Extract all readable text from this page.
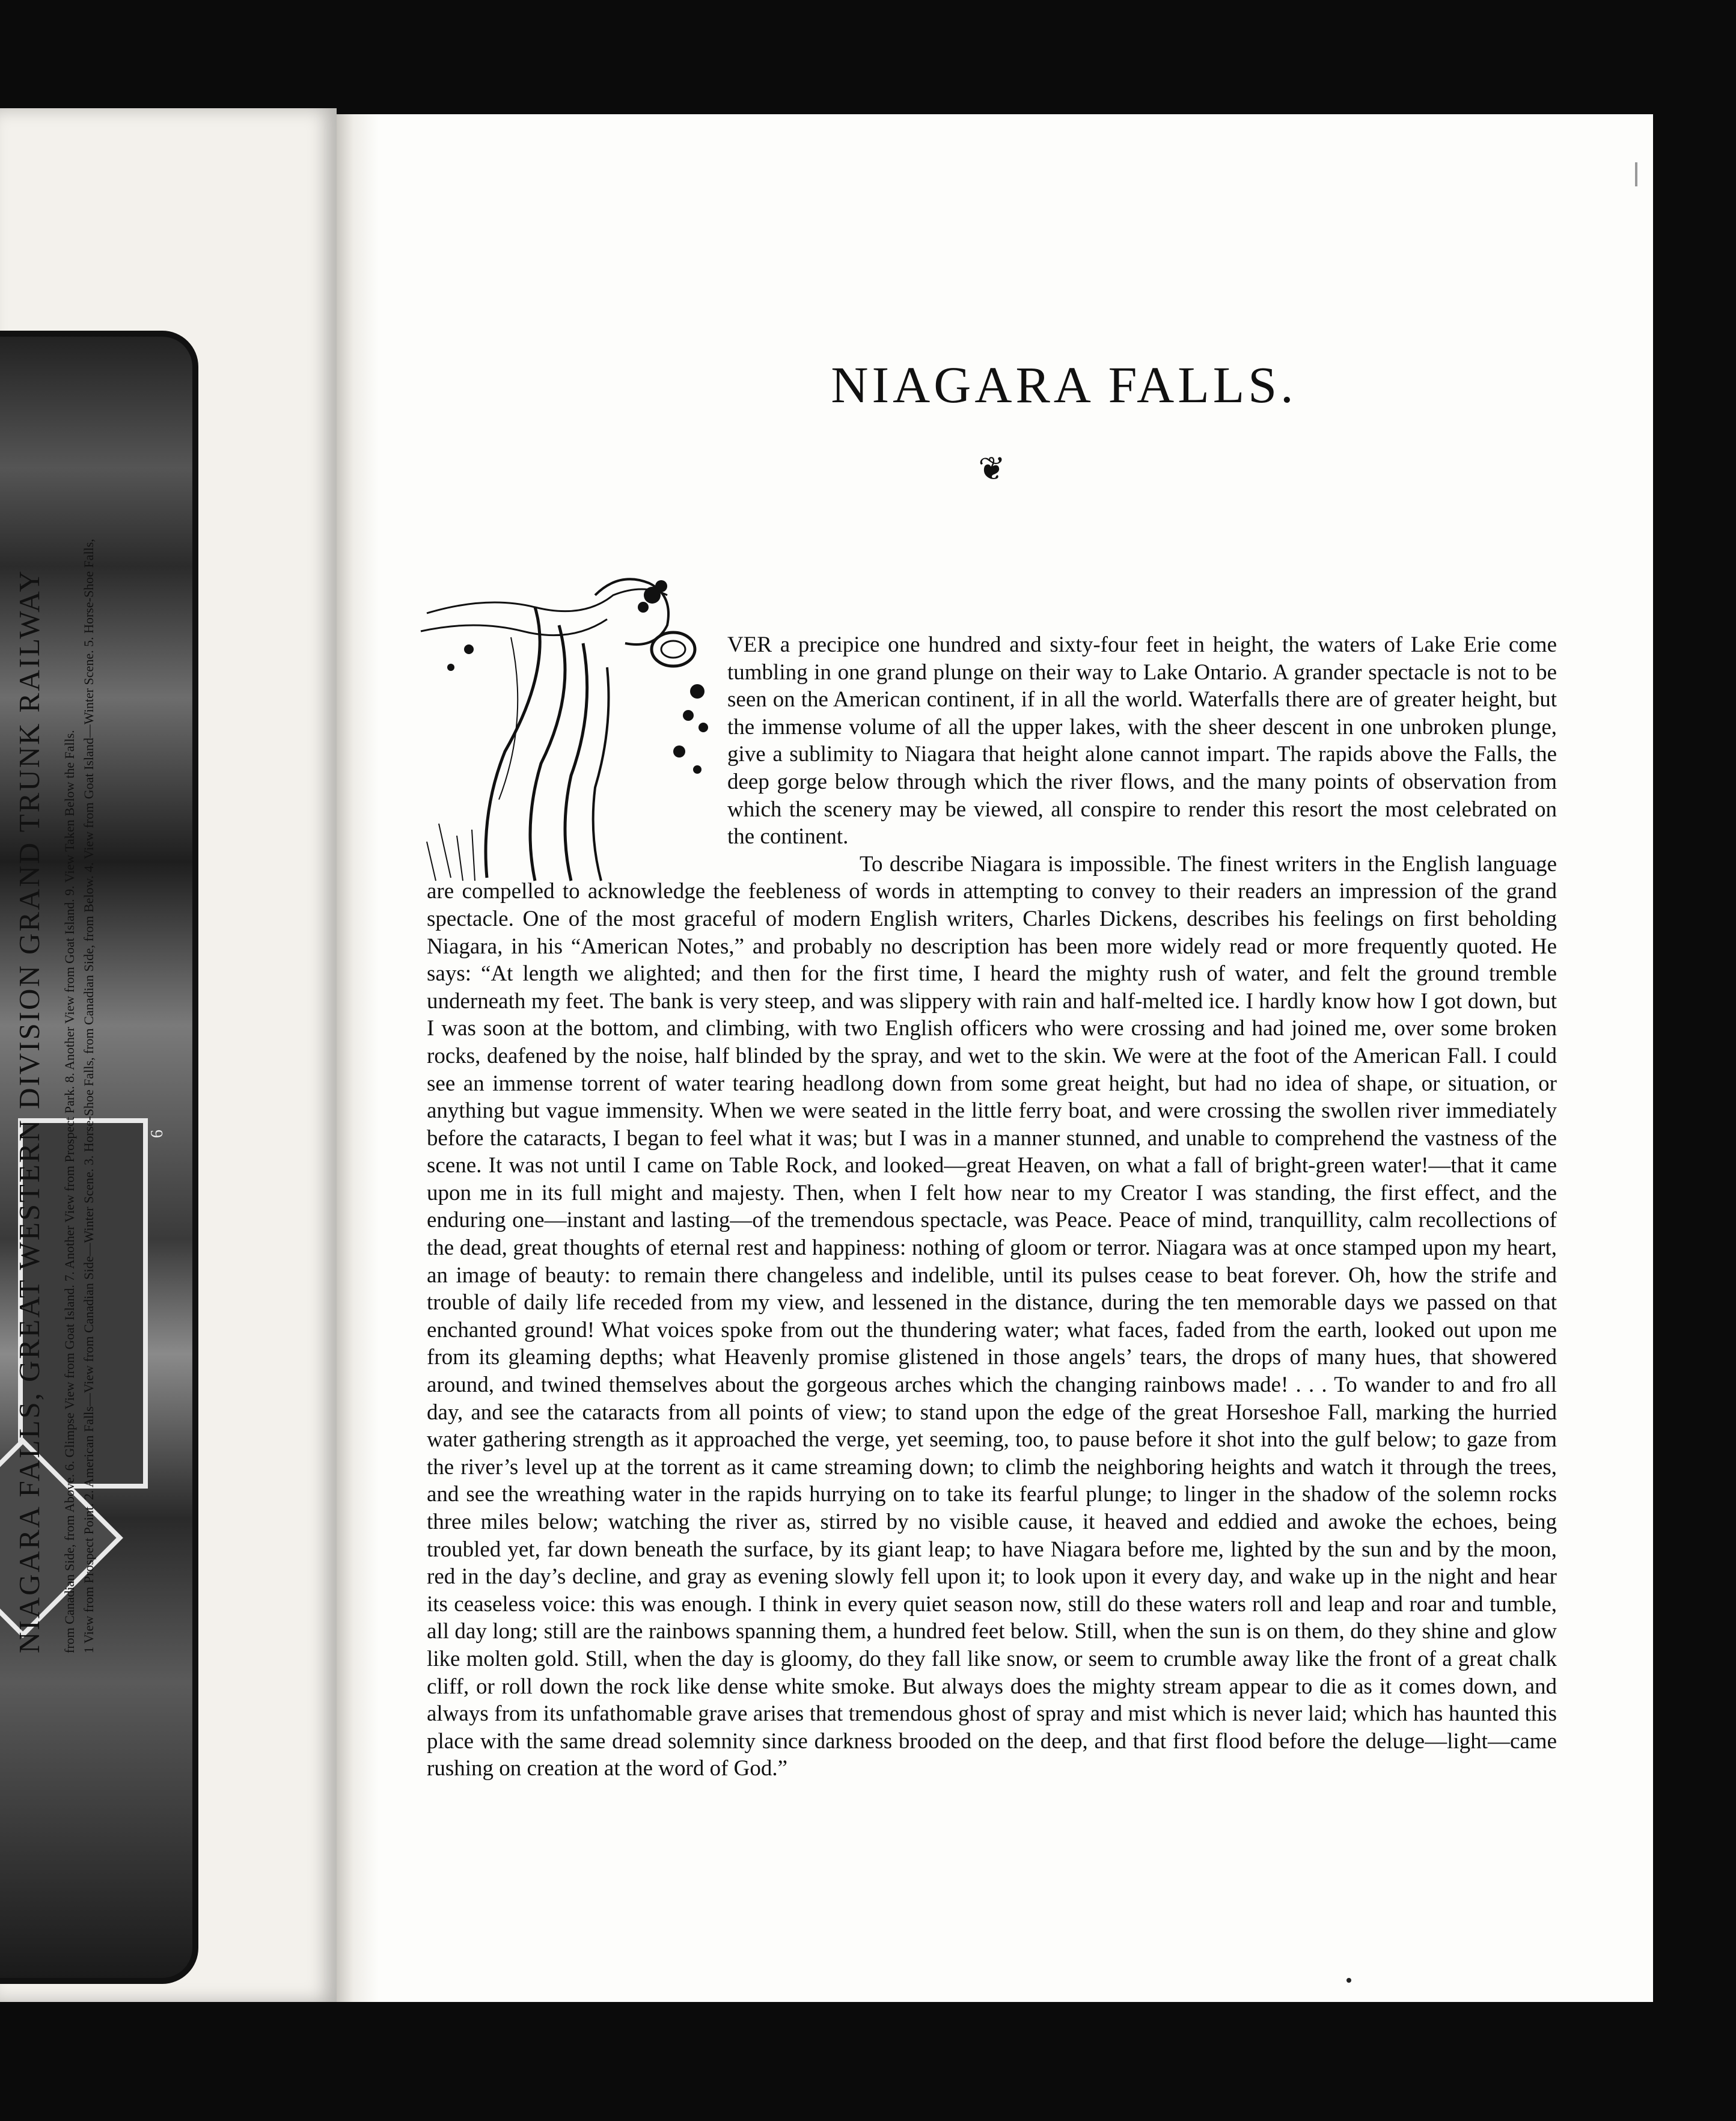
6
NIAGARA FALLS, GREAT WESTERN DIVISION GRAND TRUNK RAILWAY from Canadian Side, from Above. 6. Glimpse View from Goat Island. 7. Another View from Prospect Park. 8. Another View from Goat Island. 9. View Taken Below the Falls. 1 View from Prospect Point. 2. American Falls—View from Canadian Side—Winter Scene. 3. Horse-Shoe Falls, from Canadian Side, from Below. 4. View from Goat Island—Winter Scene. 5. Horse-Shoe Falls,
NIAGARA FALLS.
❦

VER a precipice one hundred and sixty-four feet in height, the waters of Lake Erie come tumbling in one grand plunge on their way to Lake Ontario. A grander spectacle is not to be seen on the American continent, if in all the world. Waterfalls there are of greater height, but the immense volume of all the upper lakes, with the sheer descent in one unbroken plunge, give a sublimity to Niagara that height alone cannot impart. The rapids above the Falls, the deep gorge below through which the river flows, and the many points of observation from which the scenery may be viewed, all conspire to render this resort the most celebrated on the continent.

To describe Niagara is impossible. The finest writers in the English language are compelled to acknowledge the feebleness of words in attempting to convey to their readers an impression of the grand spectacle. One of the most graceful of modern English writers, Charles Dickens, describes his feelings on first beholding Niagara, in his “American Notes,” and probably no description has been more widely read or more frequently quoted. He says: “At length we alighted; and then for the first time, I heard the mighty rush of water, and felt the ground tremble underneath my feet. The bank is very steep, and was slippery with rain and half-melted ice. I hardly know how I got down, but I was soon at the bottom, and climbing, with two English officers who were crossing and had joined me, over some broken rocks, deafened by the noise, half blinded by the spray, and wet to the skin. We were at the foot of the American Fall. I could see an immense torrent of water tearing headlong down from some great height, but had no idea of shape, or situation, or anything but vague immensity. When we were seated in the little ferry boat, and were crossing the swollen river immediately before the cataracts, I began to feel what it was; but I was in a manner stunned, and unable to comprehend the vastness of the scene. It was not until I came on Table Rock, and looked—great Heaven, on what a fall of bright-green water!—that it came upon me in its full might and majesty. Then, when I felt how near to my Creator I was standing, the first effect, and the enduring one—instant and lasting—of the tremendous spectacle, was Peace. Peace of mind, tranquillity, calm recollections of the dead, great thoughts of eternal rest and happiness: nothing of gloom or terror. Niagara was at once stamped upon my heart, an image of beauty: to remain there changeless and indelible, until its pulses cease to beat forever. Oh, how the strife and trouble of daily life receded from my view, and lessened in the distance, during the ten memorable days we passed on that enchanted ground! What voices spoke from out the thundering water; what faces, faded from the earth, looked out upon me from its gleaming depths; what Heavenly promise glistened in those angels’ tears, the drops of many hues, that showered around, and twined themselves about the gorgeous arches which the changing rainbows made! . . . To wander to and fro all day, and see the cataracts from all points of view; to stand upon the edge of the great Horseshoe Fall, marking the hurried water gathering strength as it approached the verge, yet seeming, too, to pause before it shot into the gulf below; to gaze from the river’s level up at the torrent as it came streaming down; to climb the neighboring heights and watch it through the trees, and see the wreathing water in the rapids hurrying on to take its fearful plunge; to linger in the shadow of the solemn rocks three miles below; watching the river as, stirred by no visible cause, it heaved and eddied and awoke the echoes, being troubled yet, far down beneath the surface, by its giant leap; to have Niagara before me, lighted by the sun and by the moon, red in the day’s decline, and gray as evening slowly fell upon it; to look upon it every day, and wake up in the night and hear its ceaseless voice: this was enough. I think in every quiet season now, still do these waters roll and leap and roar and tumble, all day long; still are the rainbows spanning them, a hundred feet below. Still, when the sun is on them, do they shine and glow like molten gold. Still, when the day is gloomy, do they fall like snow, or seem to crumble away like the front of a great chalk cliff, or roll down the rock like dense white smoke. But always does the mighty stream appear to die as it comes down, and always from its unfathomable grave arises that tremendous ghost of spray and mist which is never laid; which has haunted this place with the same dread solemnity since darkness brooded on the deep, and that first flood before the deluge—light—came rushing on creation at the word of God.”
